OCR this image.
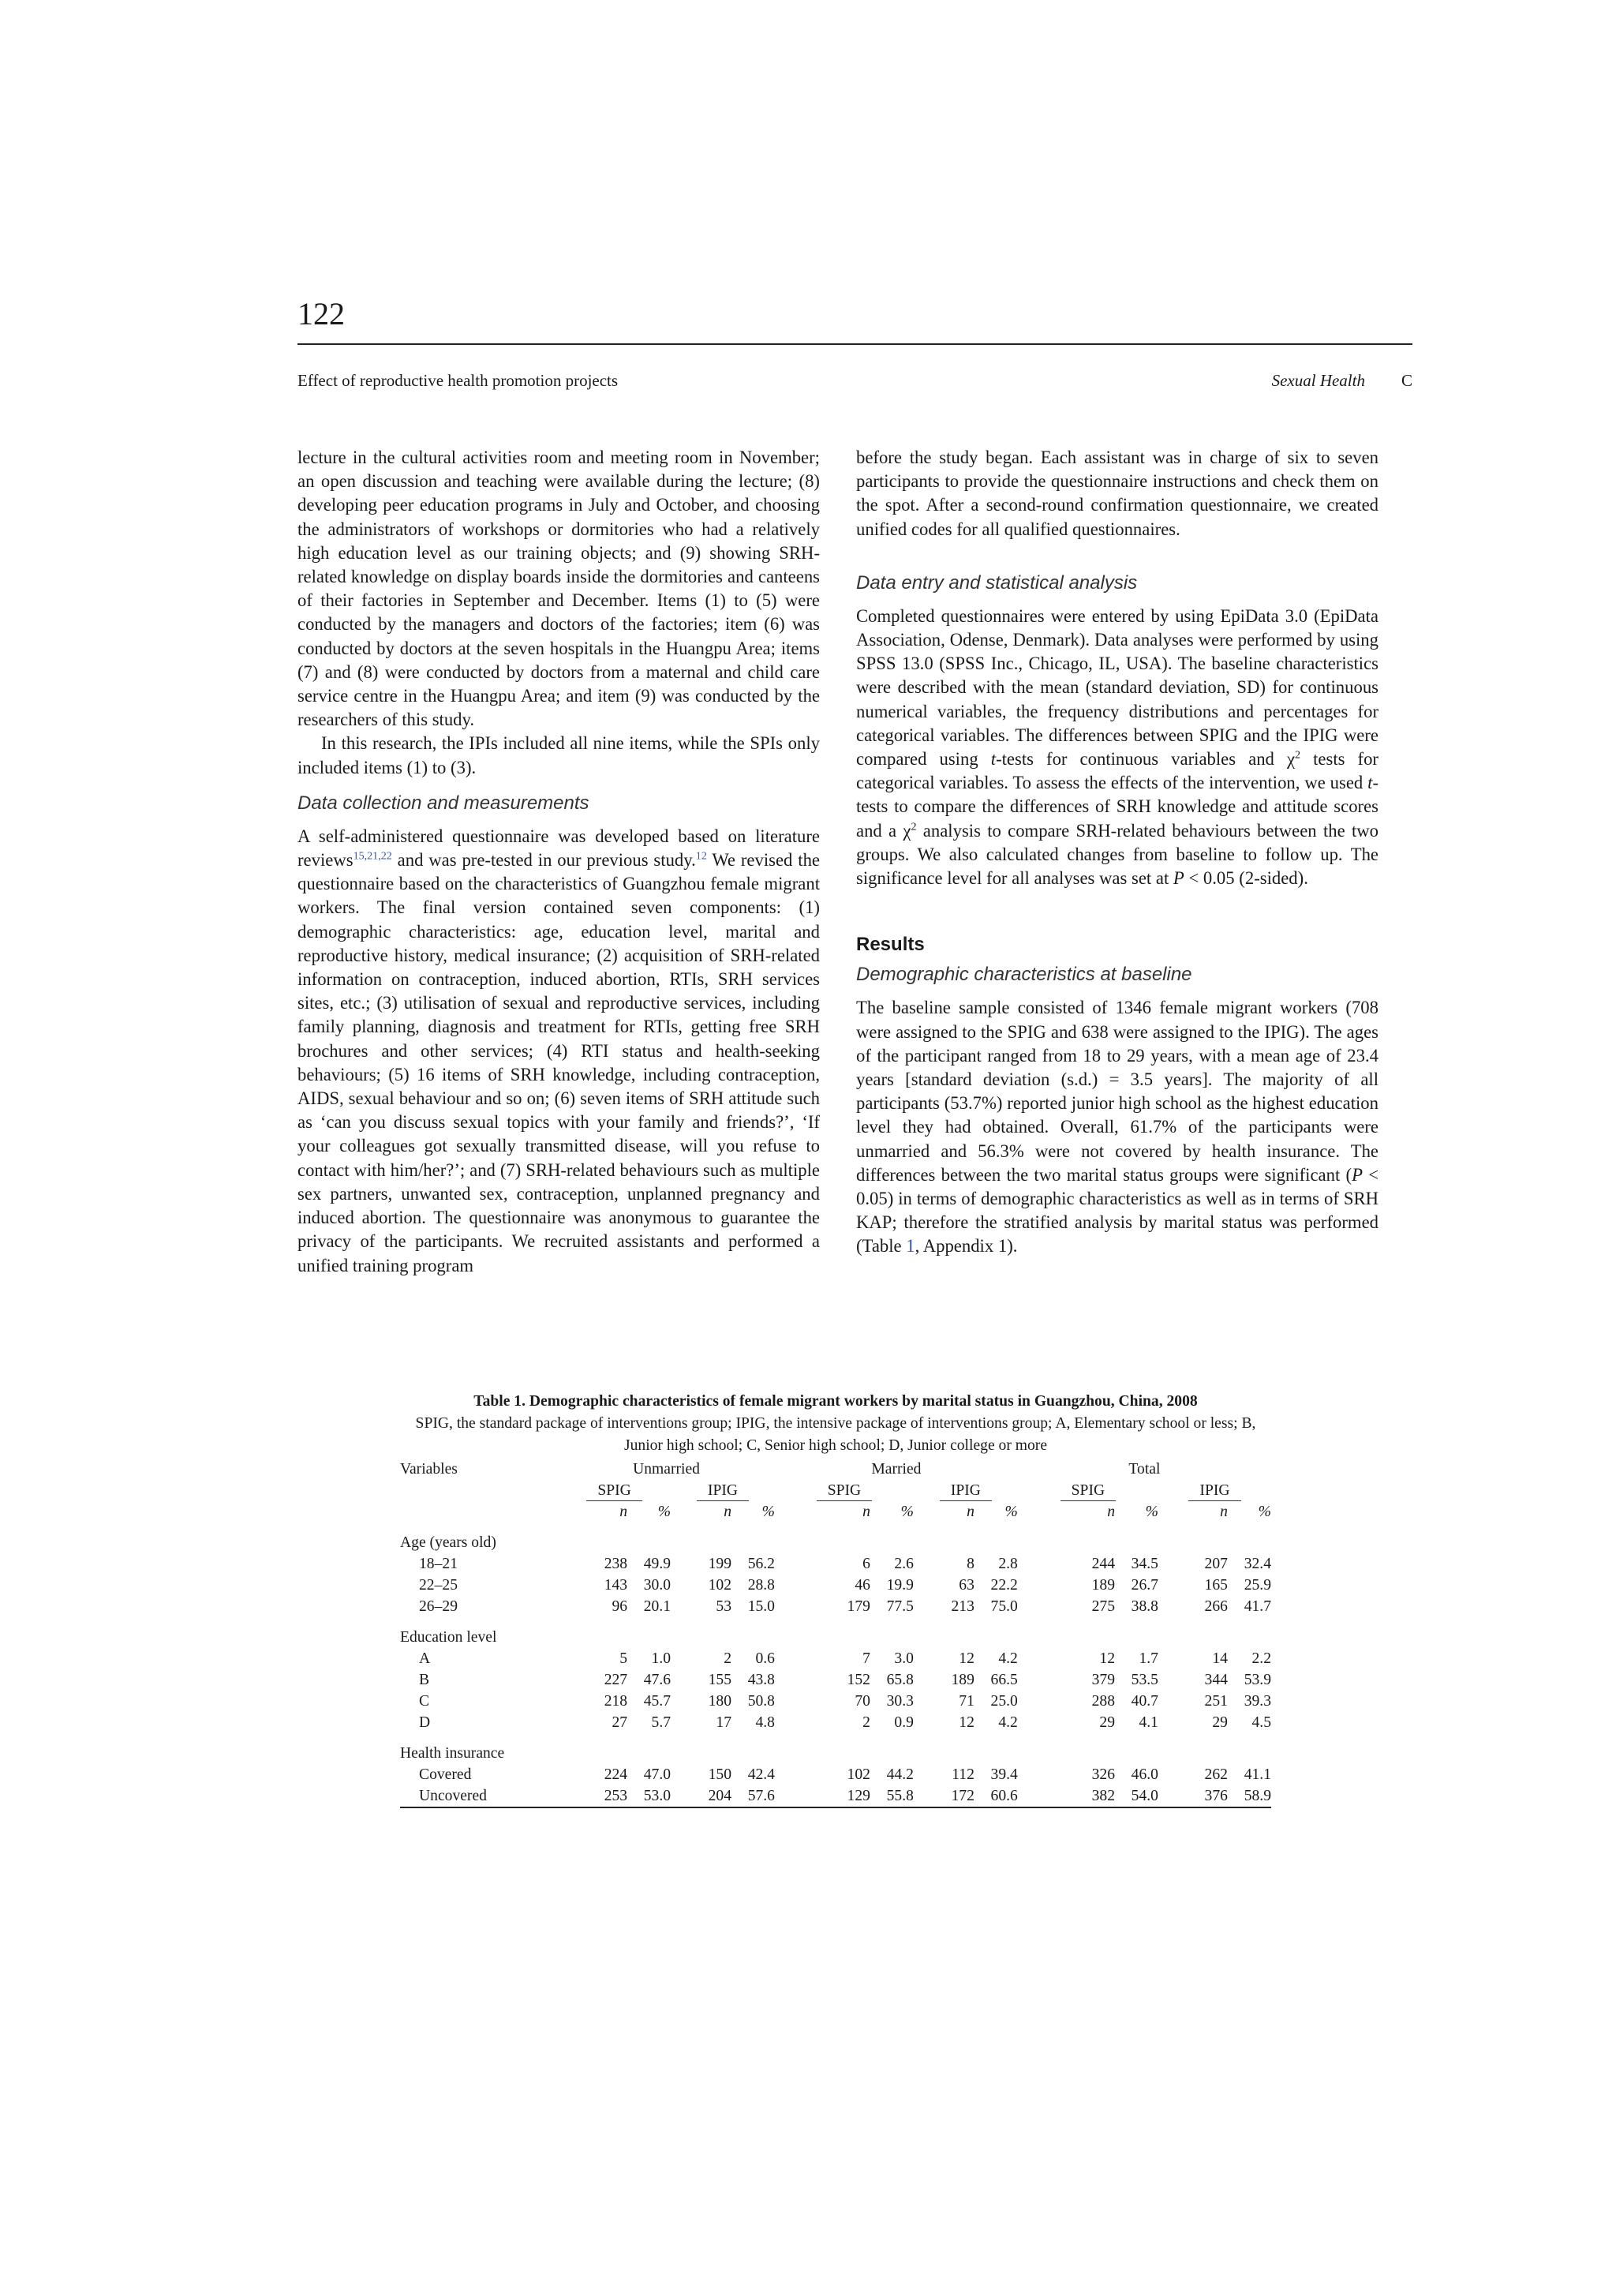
122
Effect of reproductive health promotion projects	Sexual Health C

lecture in the cultural activities room and meeting room in November; an open discussion and teaching were available during the lecture; (8) developing peer education programs in July and October, and choosing the administrators of workshops or dormitories who had a relatively high education level as our training objects; and (9) showing SRH-related knowledge on display boards inside the dormitories and canteens of their factories in September and December. Items (1) to (5) were conducted by the managers and doctors of the factories; item (6) was conducted by doctors at the seven hospitals in the Huangpu Area; items (7) and (8) were conducted by doctors from a maternal and child care service centre in the Huangpu Area; and item (9) was conducted by the researchers of this study.

In this research, the IPIs included all nine items, while the SPIs only included items (1) to (3).

Data collection and measurements

A self-administered questionnaire was developed based on literature reviews$^{15,21,22}$ and was pre-tested in our previous study.$^{12}$ We revised the questionnaire based on the characteristics of Guangzhou female migrant workers. The final version contained seven components: (1) demographic characteristics: age, education level, marital and reproductive history, medical insurance; (2) acquisition of SRH-related information on contraception, induced abortion, RTIs, SRH services sites, etc.; (3) utilisation of sexual and reproductive services, including family planning, diagnosis and treatment for RTIs, getting free SRH brochures and other services; (4) RTI status and health-seeking behaviours; (5) 16 items of SRH knowledge, including contraception, AIDS, sexual behaviour and so on; (6) seven items of SRH attitude such as ‘can you discuss sexual topics with your family and friends?’, ‘If your colleagues got sexually transmitted disease, will you refuse to contact with him/her?’; and (7) SRH-related behaviours such as multiple sex partners, unwanted sex, contraception, unplanned pregnancy and induced abortion. The questionnaire was anonymous to guarantee the privacy of the participants. We recruited assistants and performed a unified training program

before the study began. Each assistant was in charge of six to seven participants to provide the questionnaire instructions and check them on the spot. After a second-round confirmation questionnaire, we created unified codes for all qualified questionnaires.

Data entry and statistical analysis

Completed questionnaires were entered by using EpiData 3.0 (EpiData Association, Odense, Denmark). Data analyses were performed by using SPSS 13.0 (SPSS Inc., Chicago, IL, USA). The baseline characteristics were described with the mean (standard deviation, SD) for continuous numerical variables, the frequency distributions and percentages for categorical variables. The differences between SPIG and the IPIG were compared using t-tests for continuous variables and $\chi^2$ tests for categorical variables. To assess the effects of the intervention, we used t-tests to compare the differences of SRH knowledge and attitude scores and a $\chi^2$ analysis to compare SRH-related behaviours between the two groups. We also calculated changes from baseline to follow up. The significance level for all analyses was set at P < 0.05 (2-sided).

Results
Demographic characteristics at baseline

The baseline sample consisted of 1346 female migrant workers (708 were assigned to the SPIG and 638 were assigned to the IPIG). The ages of the participant ranged from 18 to 29 years, with a mean age of 23.4 years [standard deviation (s.d.) = 3.5 years]. The majority of all participants (53.7%) reported junior high school as the highest education level they had obtained. Overall, 61.7% of the participants were unmarried and 56.3% were not covered by health insurance. The differences between the two marital status groups were significant (P < 0.05) in terms of demographic characteristics as well as in terms of SRH KAP; therefore the stratified analysis by marital status was performed (Table 1, Appendix 1).

Table 1. Demographic characteristics of female migrant workers by marital status in Guangzhou, China, 2008
SPIG, the standard package of interventions group; IPIG, the intensive package of interventions group; A, Elementary school or less; B, Junior high school; C, Senior high school; D, Junior college or more
Variables	Unmarried				Married				Total			
	SPIG		IPIG		SPIG		IPIG		SPIG		IPIG	
	n	%	n	%	n	%	n	%	n	%	n	%

Age (years old)												
18–21	238	49.9	199	56.2	6	2.6	8	2.8	244	34.5	207	32.4
22–25	143	30.0	102	28.8	46	19.9	63	22.2	189	26.7	165	25.9
26–29	96	20.1	53	15.0	179	77.5	213	75.0	275	38.8	266	41.7

Education level												
A	5	1.0	2	0.6	7	3.0	12	4.2	12	1.7	14	2.2
B	227	47.6	155	43.8	152	65.8	189	66.5	379	53.5	344	53.9
C	218	45.7	180	50.8	70	30.3	71	25.0	288	40.7	251	39.3
D	27	5.7	17	4.8	2	0.9	12	4.2	29	4.1	29	4.5

Health insurance												
Covered	224	47.0	150	42.4	102	44.2	112	39.4	326	46.0	262	41.1
Uncovered	253	53.0	204	57.6	129	55.8	172	60.6	382	54.0	376	58.9
